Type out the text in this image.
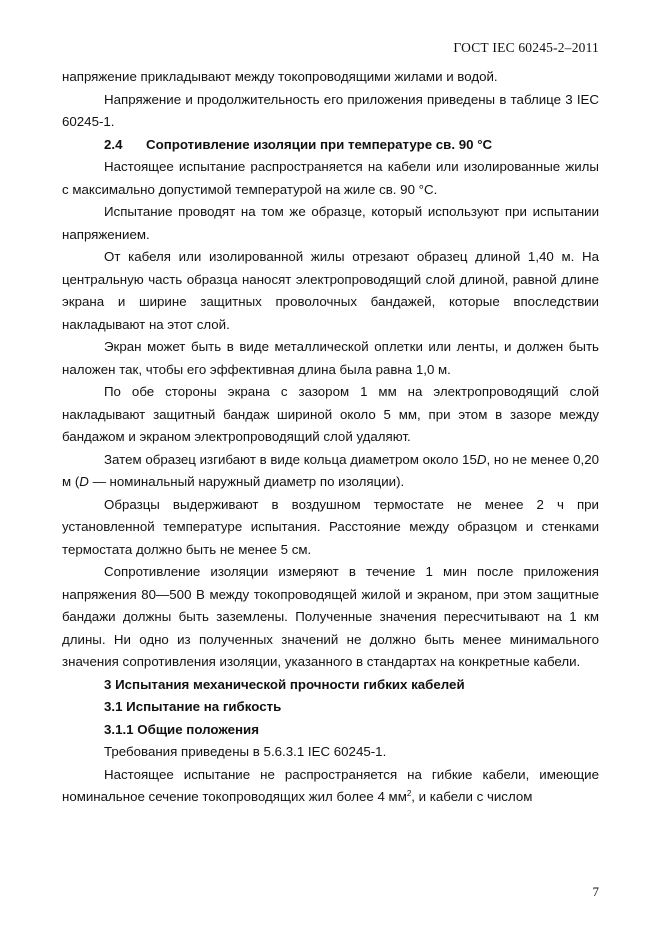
ГОСТ IEC 60245-2–2011

напряжение прикладывают между токопроводящими жилами и водой.

Напряжение и продолжительность его приложения приведены в таблице 3 IEC 60245-1.

2.4 Сопротивление изоляции при температуре св. 90 °С

Настоящее испытание распространяется на кабели или изолированные жилы с максимально допустимой температурой на жиле св. 90 °С.

Испытание проводят на том же образце, который используют при испытании напряжением.

От кабеля или изолированной жилы отрезают образец длиной 1,40 м. На центральную часть образца наносят электропроводящий слой длиной, равной длине экрана и ширине защитных проволочных бандажей, которые впоследствии накладывают на этот слой.

Экран может быть в виде металлической оплетки или ленты, и должен быть наложен так, чтобы его эффективная длина была равна 1,0 м.

По обе стороны экрана с зазором 1 мм на электропроводящий слой накладывают защитный бандаж шириной около 5 мм, при этом в зазоре между бандажом и экраном электропроводящий слой удаляют.

Затем образец изгибают в виде кольца диаметром около 15D, но не менее 0,20 м (D — номинальный наружный диаметр по изоляции).

Образцы выдерживают в воздушном термостате не менее 2 ч при установленной температуре испытания. Расстояние между образцом и стенками термостата должно быть не менее 5 см.

Сопротивление изоляции измеряют в течение 1 мин после приложения напряжения 80—500 В между токопроводящей жилой и экраном, при этом защитные бандажи должны быть заземлены. Полученные значения пересчитывают на 1 км длины. Ни одно из полученных значений не должно быть менее минимального значения сопротивления изоляции, указанного в стандартах на конкретные кабели.

3 Испытания механической прочности гибких кабелей

3.1 Испытание на гибкость

3.1.1 Общие положения

Требования приведены в 5.6.3.1 IEC 60245-1.

Настоящее испытание не распространяется на гибкие кабели, имеющие номинальное сечение токопроводящих жил более 4 $мм^2$, и кабели с числом

7
